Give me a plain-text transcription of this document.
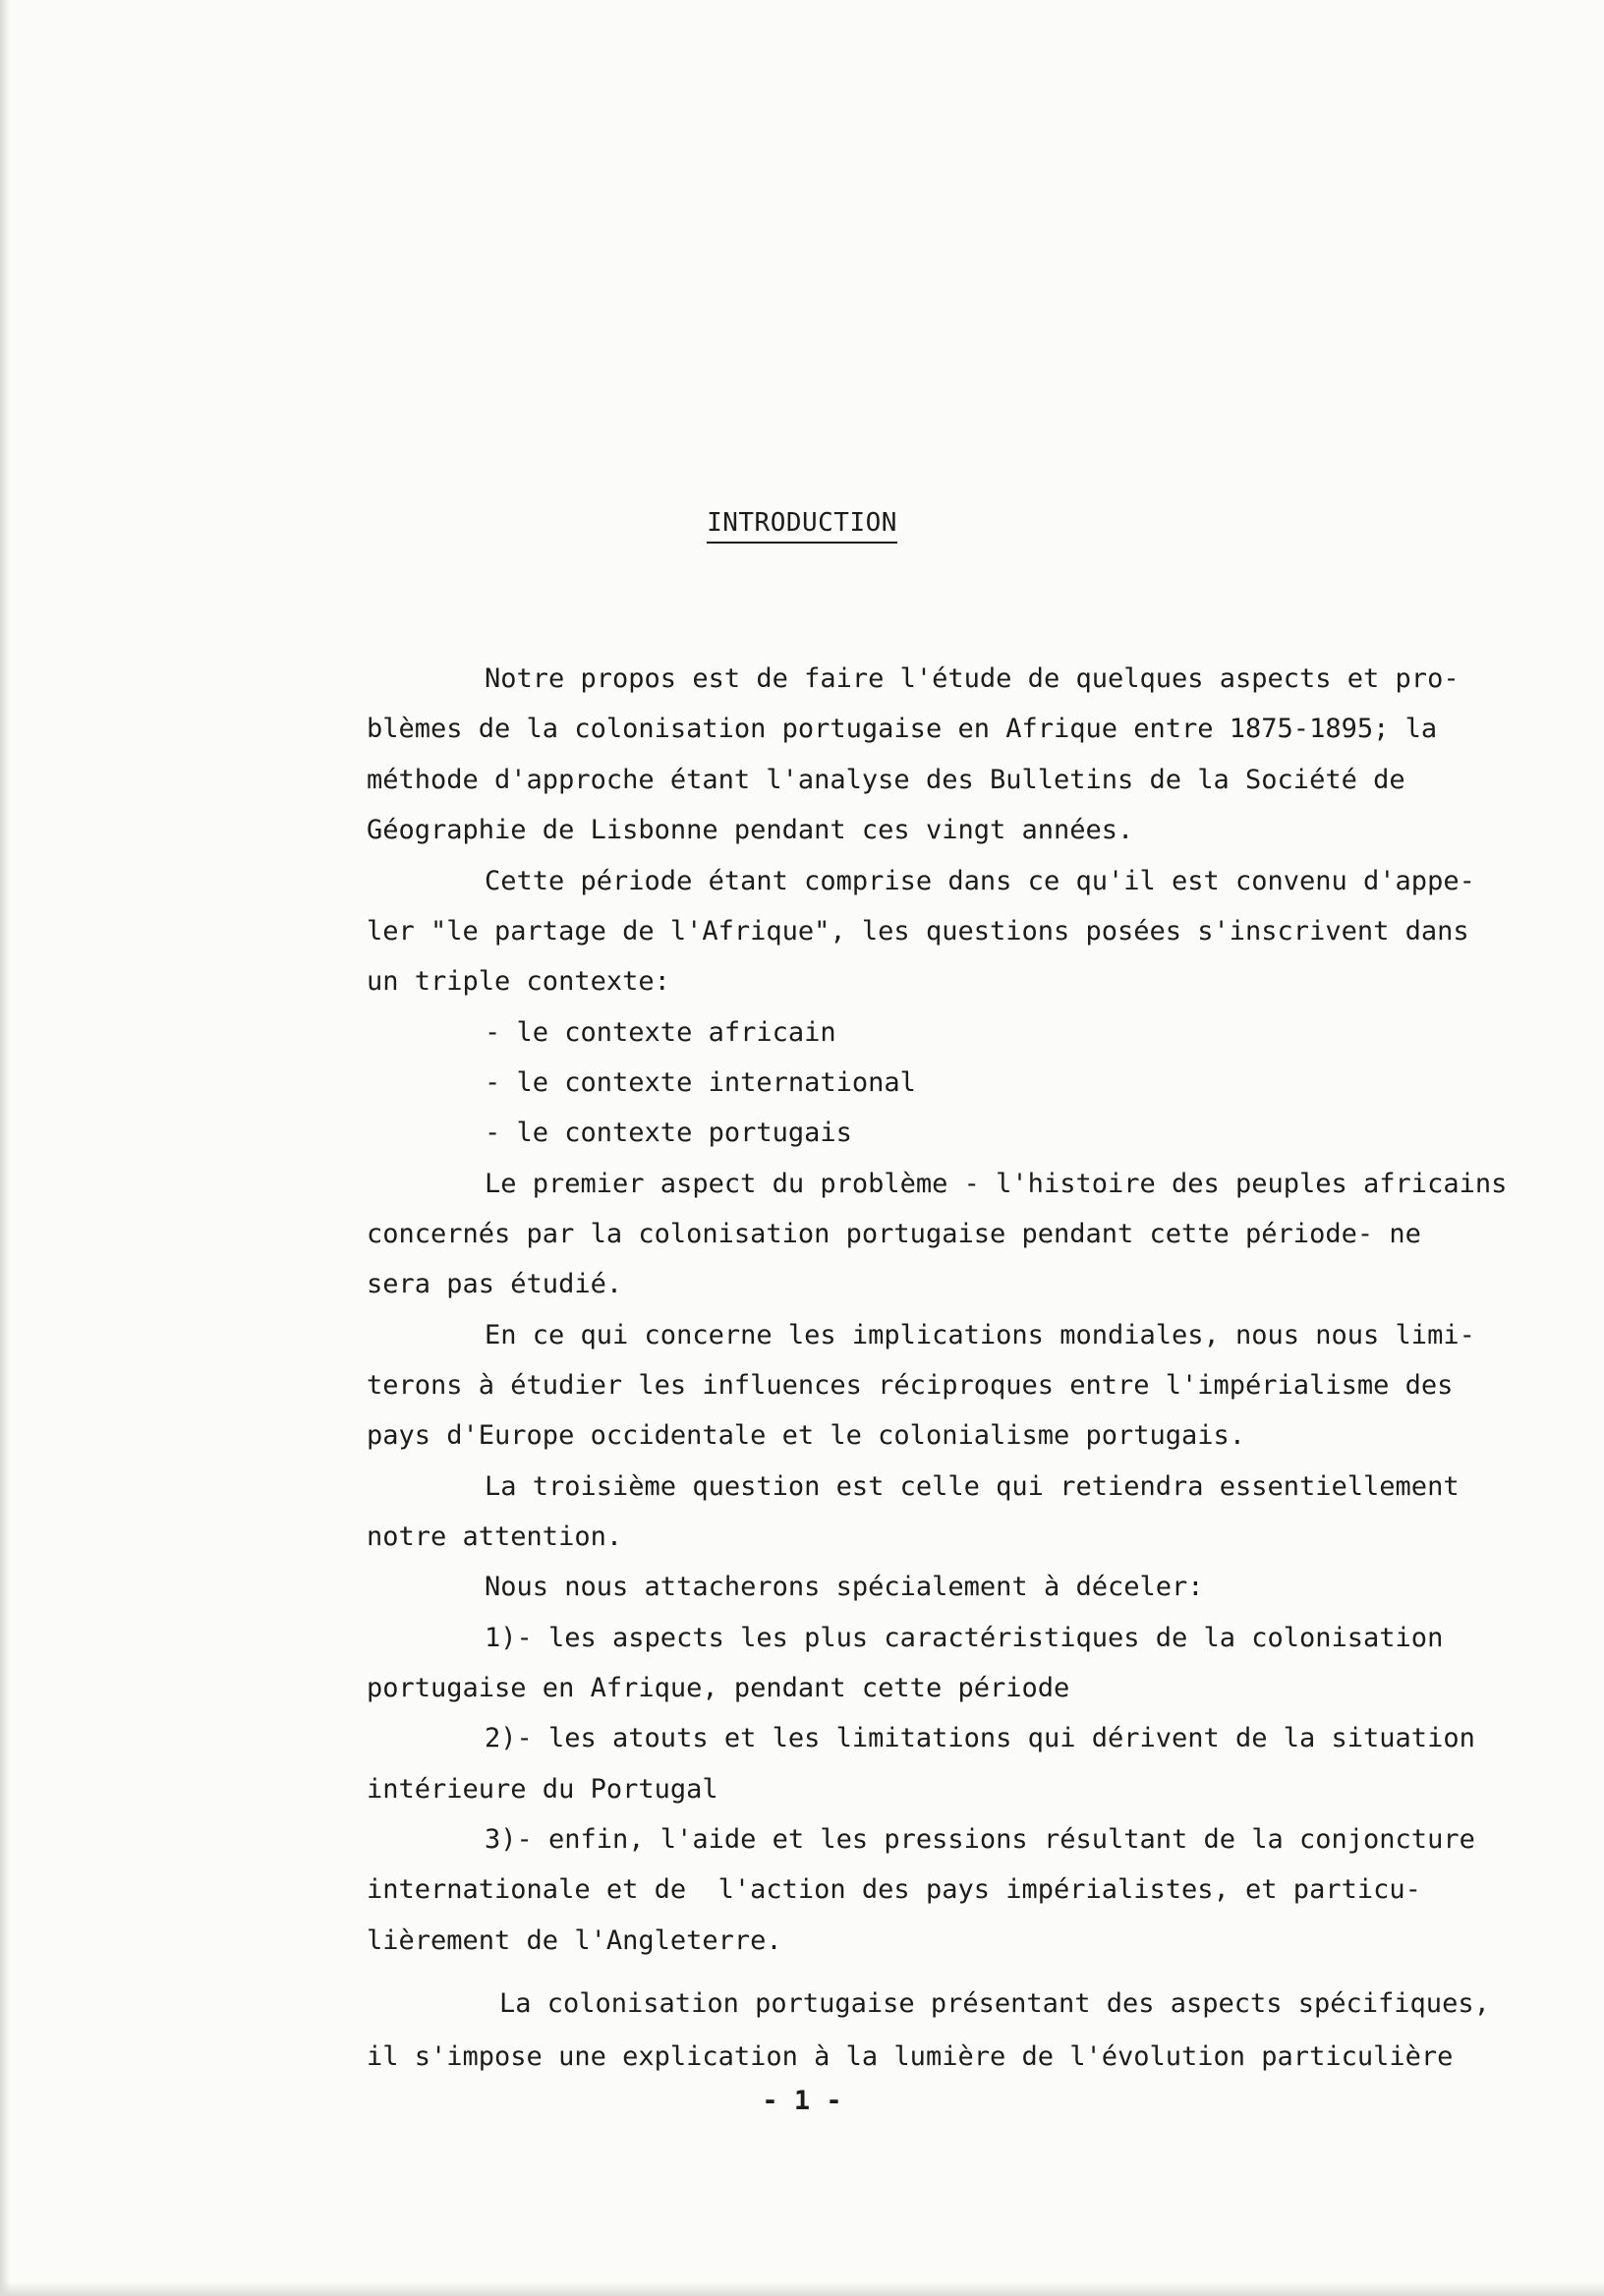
INTRODUCTION

Notre propos est de faire l'étude de quelques aspects et pro-

blèmes de la colonisation portugaise en Afrique entre 1875-1895; la

méthode d'approche étant l'analyse des Bulletins de la Société de

Géographie de Lisbonne pendant ces vingt années.

Cette période étant comprise dans ce qu'il est convenu d'appe-

ler "le partage de l'Afrique", les questions posées s'inscrivent dans

un triple contexte:

- le contexte africain

- le contexte international

- le contexte portugais

Le premier aspect du problème - l'histoire des peuples africains

concernés par la colonisation portugaise pendant cette période- ne

sera pas étudié.

En ce qui concerne les implications mondiales, nous nous limi-

terons à étudier les influences réciproques entre l'impérialisme des

pays d'Europe occidentale et le colonialisme portugais.

La troisième question est celle qui retiendra essentiellement

notre attention.

Nous nous attacherons spécialement à déceler:

1)- les aspects les plus caractéristiques de la colonisation

portugaise en Afrique, pendant cette période

2)- les atouts et les limitations qui dérivent de la situation

intérieure du Portugal

3)- enfin, l'aide et les pressions résultant de la conjoncture

internationale et de  l'action des pays impérialistes, et particu-

lièrement de l'Angleterre.

La colonisation portugaise présentant des aspects spécifiques,

il s'impose une explication à la lumière de l'évolution particulière

- 1 -
